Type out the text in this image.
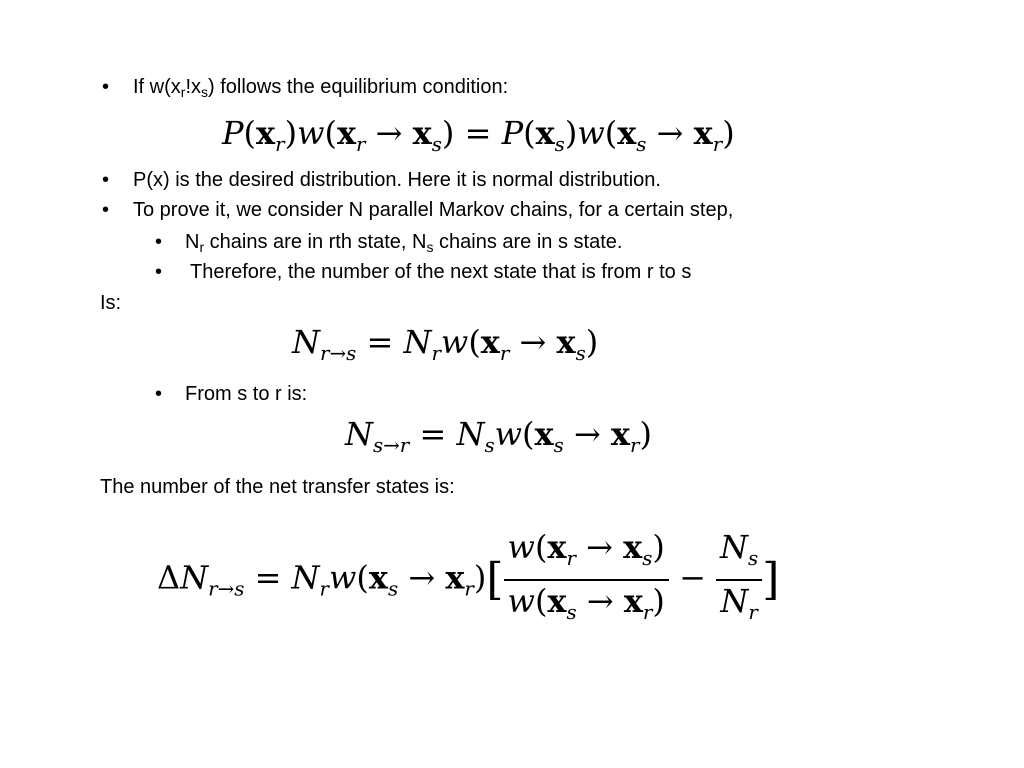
• If $w(x_r!x_s)$ follows the equilibrium condition:
$P(x_r)w(x_r \to x_s) = P(x_s)w(x_s \to x_r)$
• P(x) is the desired distribution. Here it is normal distribution.
• To prove it, we consider N parallel Markov chains, for a certain step,
• $N_r$ chains are in rth state, $N_s$ chains are in s state.
• Therefore, the number of the next state that is from r to s
Is:
$N_{r\to s} = N_rw(x_r \to x_s)$
• From s to r is:
$N_{s\to r} = N_sw(x_s \to x_r)$
The number of the net transfer states is:
$\Delta N_{r\to s} = N_rw(x_s \to x_r)[ \frac{w(x_r \to x_s)}{w(x_s \to x_r)} - \frac{N_s}{N_r}$ ]
